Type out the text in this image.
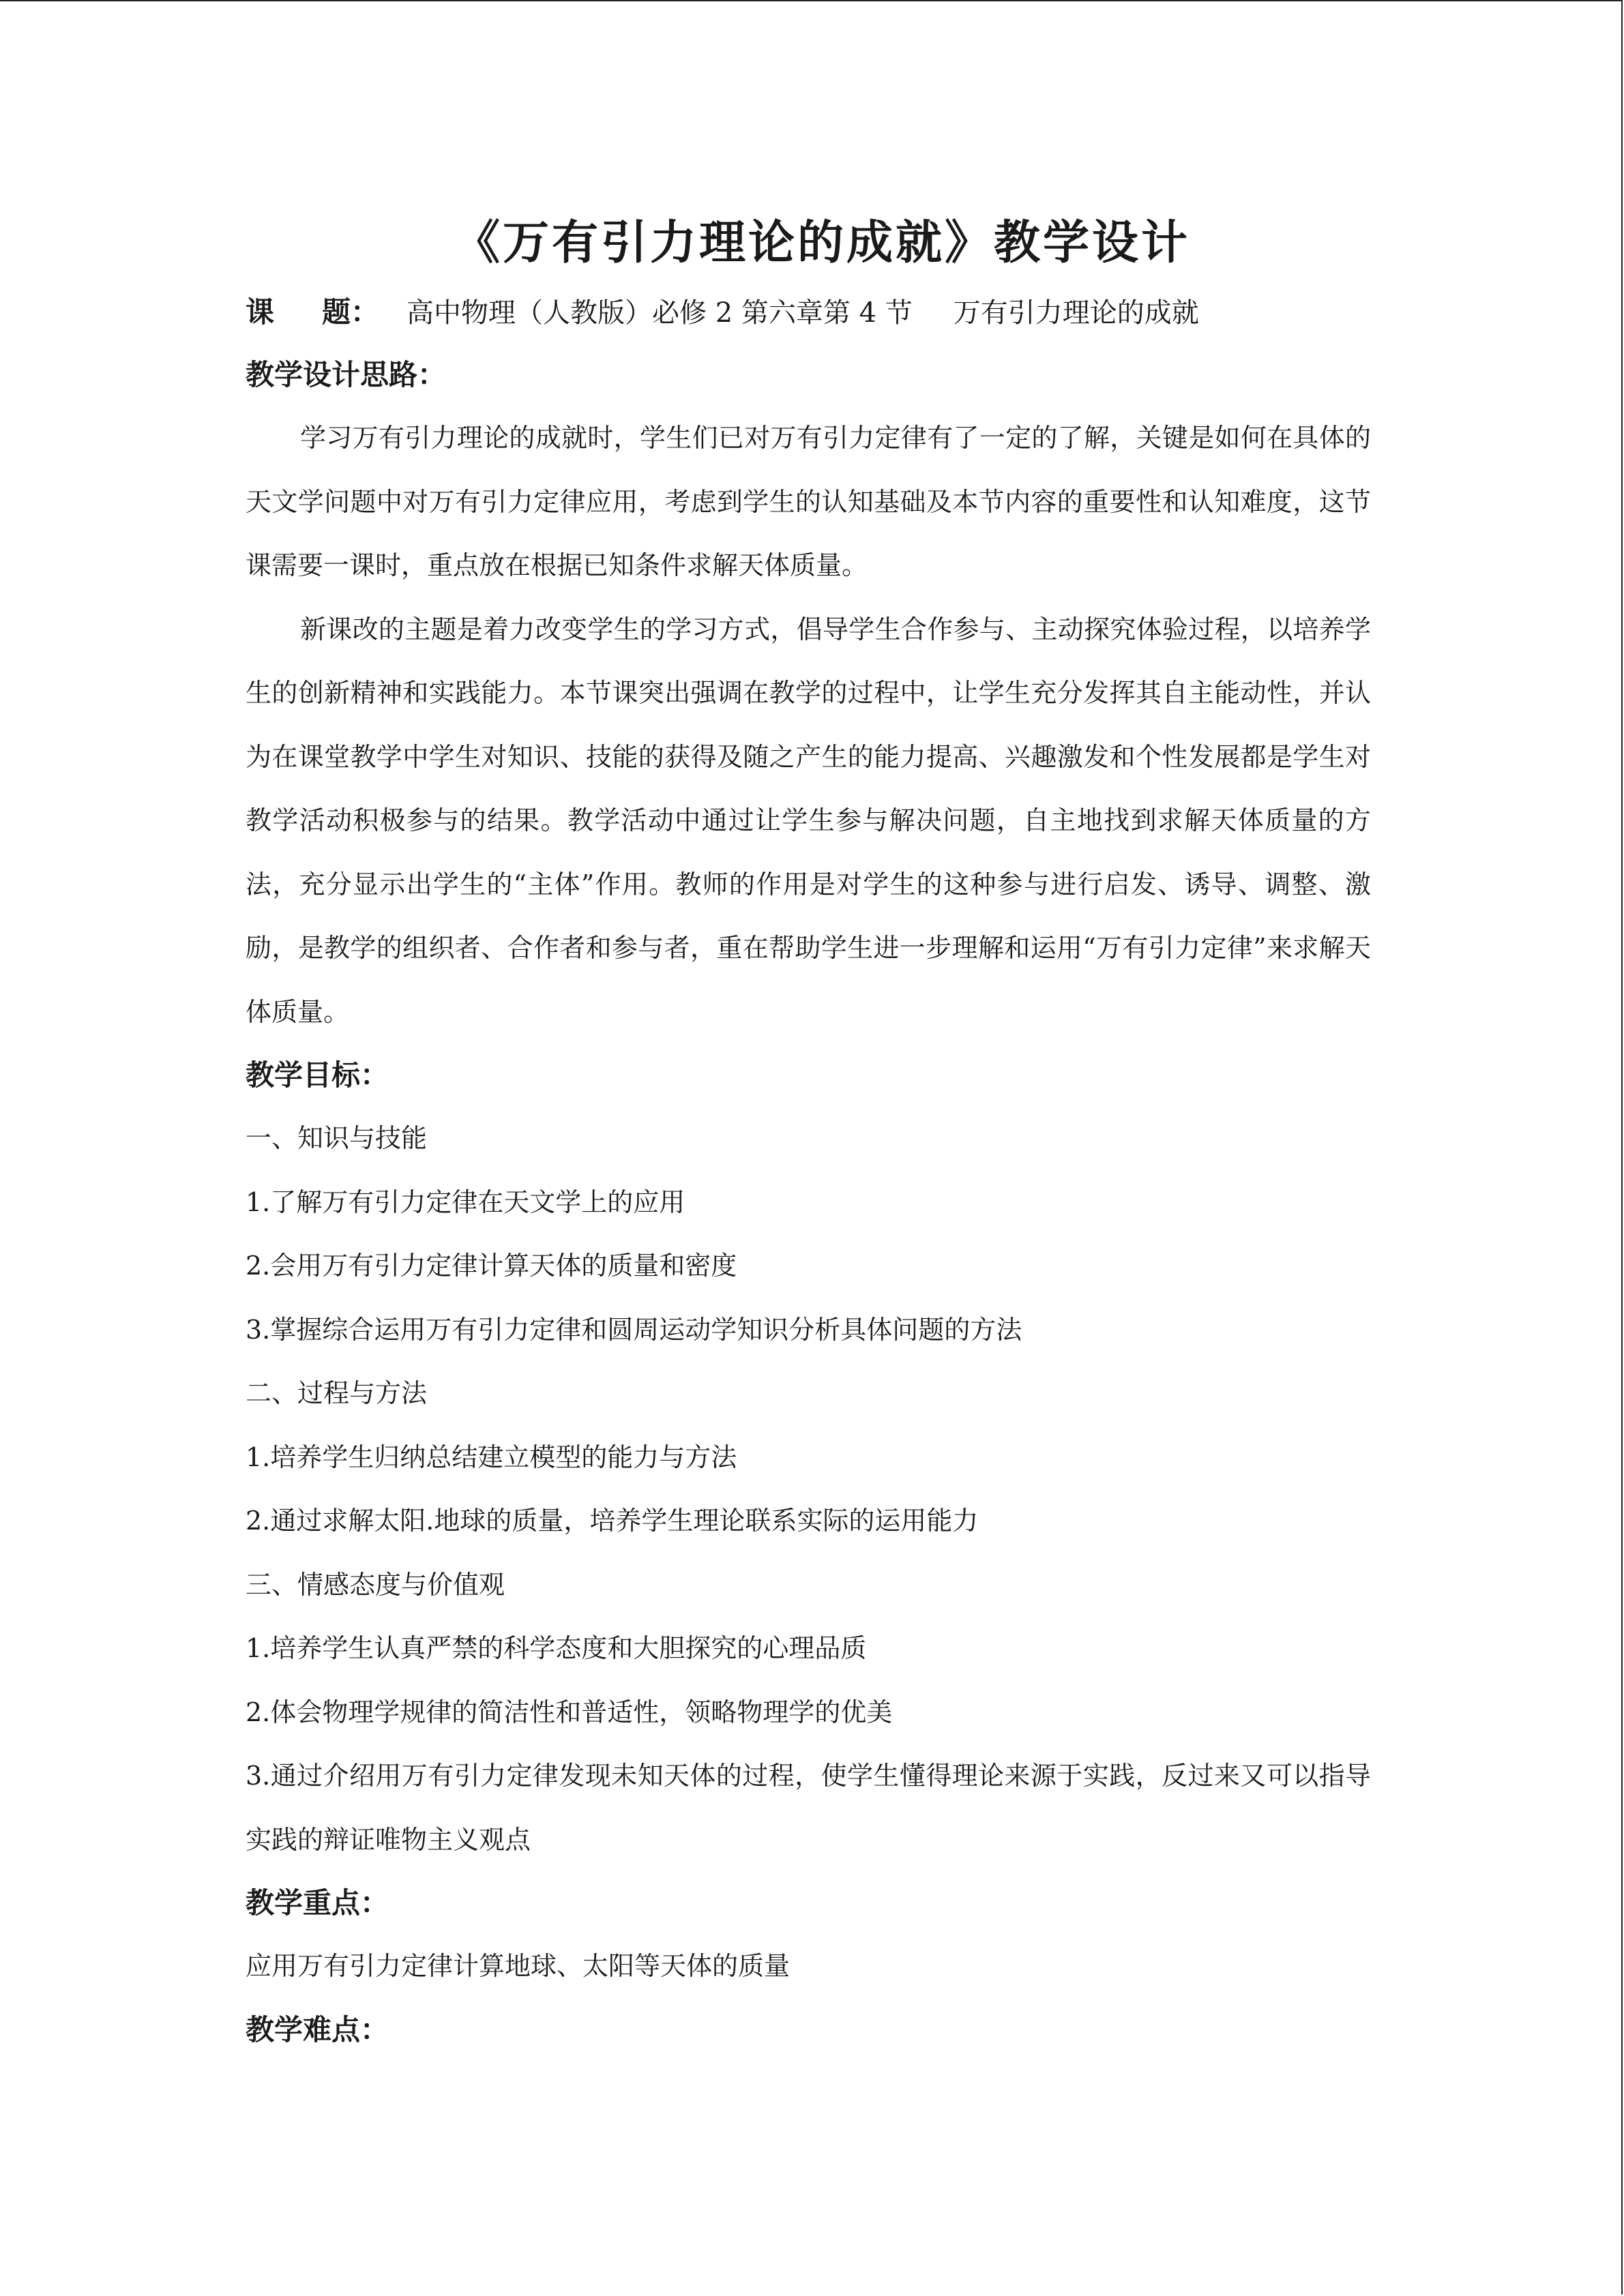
《万有引力理论的成就》教学设计
课 题： 高中物理（人教版）必修 2 第六章第 4 节 万有引力理论的成就
教学设计思路：

学习万有引力理论的成就时，学生们已对万有引力定律有了一定的了解，关键是如何在具体的天文学问题中对万有引力定律应用，考虑到学生的认知基础及本节内容的重要性和认知难度，这节课需要一课时，重点放在根据已知条件求解天体质量。

新课改的主题是着力改变学生的学习方式，倡导学生合作参与、主动探究体验过程，以培养学生的创新精神和实践能力。本节课突出强调在教学的过程中，让学生充分发挥其自主能动性，并认为在课堂教学中学生对知识、技能的获得及随之产生的能力提高、兴趣激发和个性发展都是学生对教学活动积极参与的结果。教学活动中通过让学生参与解决问题，自主地找到求解天体质量的方法，充分显示出学生的“主体”作用。教师的作用是对学生的这种参与进行启发、诱导、调整、激励，是教学的组织者、合作者和参与者，重在帮助学生进一步理解和运用“万有引力定律”来求解天体质量。

教学目标：
一、知识与技能
1.了解万有引力定律在天文学上的应用
2.会用万有引力定律计算天体的质量和密度
3.掌握综合运用万有引力定律和圆周运动学知识分析具体问题的方法
二、过程与方法
1.培养学生归纳总结建立模型的能力与方法
2.通过求解太阳.地球的质量，培养学生理论联系实际的运用能力
三、情感态度与价值观
1.培养学生认真严禁的科学态度和大胆探究的心理品质
2.体会物理学规律的简洁性和普适性，领略物理学的优美

3.通过介绍用万有引力定律发现未知天体的过程，使学生懂得理论来源于实践，反过来又可以指导实践的辩证唯物主义观点

教学重点：
应用万有引力定律计算地球、太阳等天体的质量
教学难点：
